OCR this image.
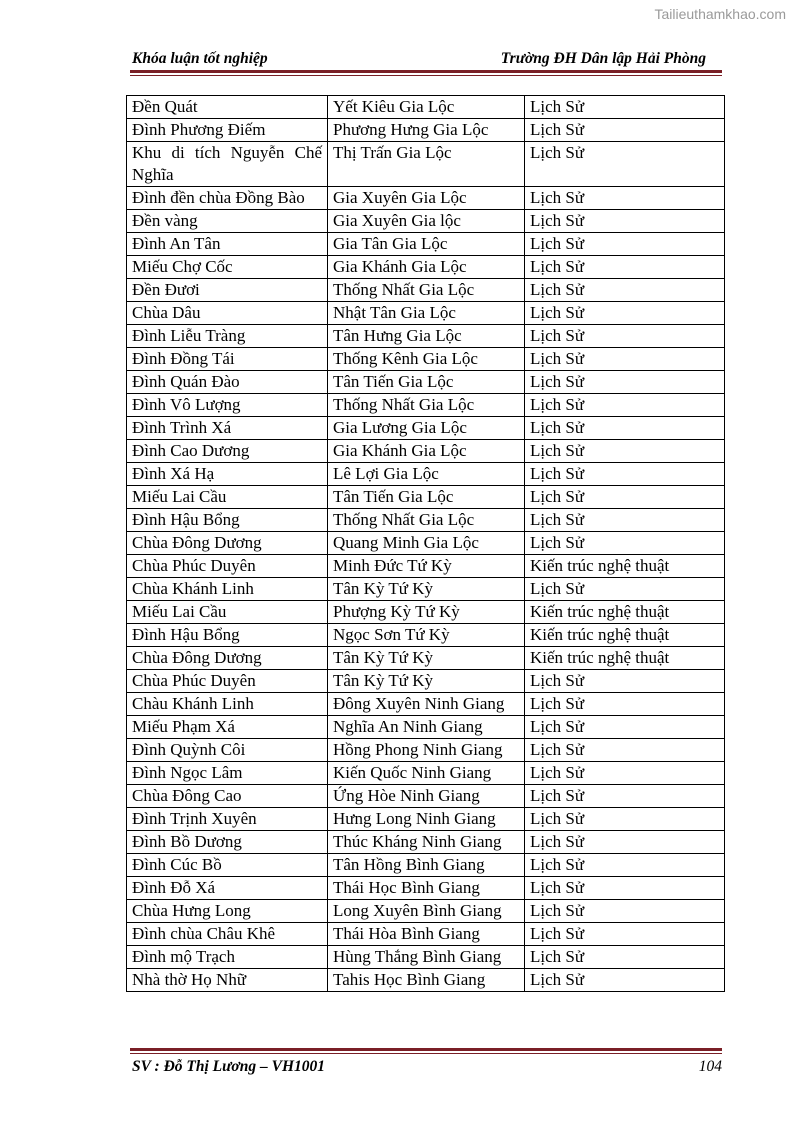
Tailieuthamkhao.com
Khóa luận tốt nghiệp	Trường ĐH Dân lập Hải Phòng
Đền Quát	Yết Kiêu Gia Lộc	Lịch Sử
Đình Phương Điếm	Phương Hưng Gia Lộc	Lịch Sử
Khu di tích Nguyễn Chế Nghĩa	Thị Trấn Gia Lộc	Lịch Sử
Đình đền chùa Đồng Bào	Gia Xuyên Gia Lộc	Lịch Sử
Đền vàng	Gia Xuyên Gia lộc	Lịch Sử
Đình An Tân	Gia Tân Gia Lộc	Lịch Sử
Miếu Chợ Cốc	Gia Khánh Gia Lộc	Lịch Sử
Đền Đươi	Thống Nhất Gia Lộc	Lịch Sử
Chùa Dâu	Nhật Tân Gia Lộc	Lịch Sử
Đình Liễu Tràng	Tân Hưng Gia Lộc	Lịch Sử
Đình Đồng Tái	Thống Kênh Gia Lộc	Lịch Sử
Đình Quán Đào	Tân Tiến Gia Lộc	Lịch Sử
Đình Vô Lượng	Thống Nhất Gia Lộc	Lịch Sử
Đình Trình Xá	Gia Lương Gia Lộc	Lịch Sử
Đình Cao Dương	Gia Khánh Gia Lộc	Lịch Sử
Đình Xá Hạ	Lê Lợi Gia Lộc	Lịch Sử
Miếu Lai Cầu	Tân Tiến Gia Lộc	Lịch Sử
Đình Hậu Bổng	Thống Nhất Gia Lộc	Lịch Sử
Chùa Đông Dương	Quang Minh Gia Lộc	Lịch Sử
Chùa Phúc Duyên	Minh Đức Tứ Kỳ	Kiến trúc nghệ thuật
Chùa Khánh Linh	Tân Kỳ Tứ Kỳ	Lịch Sử
Miếu Lai Cầu	Phượng Kỳ Tứ Kỳ	Kiến trúc nghệ thuật
Đình Hậu Bổng	Ngọc Sơn Tứ Kỳ	Kiến trúc nghệ thuật
Chùa Đông Dương	Tân Kỳ Tứ Kỳ	Kiến trúc nghệ thuật
Chùa Phúc Duyên	Tân Kỳ Tứ Kỳ	Lịch Sử
Chàu Khánh Linh	Đông Xuyên Ninh Giang	Lịch Sử
Miếu Phạm Xá	Nghĩa An Ninh Giang	Lịch Sử
Đình Quỳnh Côi	Hồng Phong Ninh Giang	Lịch Sử
Đình Ngọc Lâm	Kiến Quốc Ninh Giang	Lịch Sử
Chùa Đông Cao	Ứng Hòe Ninh Giang	Lịch Sử
Đình Trịnh Xuyên	Hưng Long Ninh Giang	Lịch Sử
Đình Bồ Dương	Thúc Kháng Ninh Giang	Lịch Sử
Đình Cúc Bồ	Tân Hồng Bình Giang	Lịch Sử
Đình Đỗ Xá	Thái Học Bình Giang	Lịch Sử
Chùa Hưng Long	Long Xuyên Bình Giang	Lịch Sử
Đình chùa Châu Khê	Thái Hòa Bình Giang	Lịch Sử
Đình mộ Trạch	Hùng Thắng Bình Giang	Lịch Sử
Nhà thờ Họ Nhữ	Tahis Học Bình Giang	Lịch Sử
SV : Đỗ Thị Lương – VH1001	104
